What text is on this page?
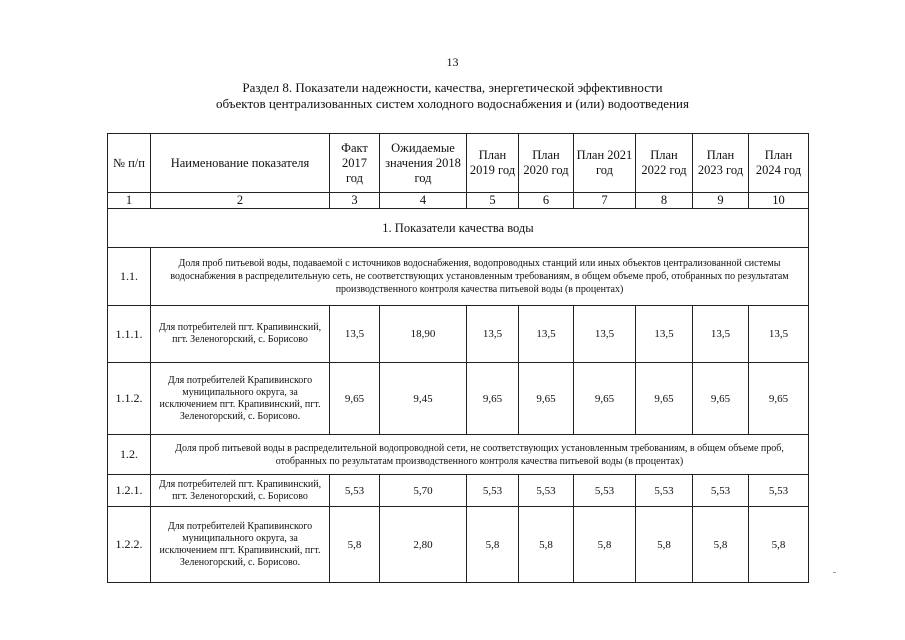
13
Раздел 8. Показатели надежности, качества, энергетической эффективности
объектов централизованных систем холодного водоснабжения и (или) водоотведения
№ п/п	Наименование показателя	Факт 2017 год	Ожидаемые значения 2018 год	План 2019 год	План 2020 год	План 2021 год	План 2022 год	План 2023 год	План 2024 год
1	2	3	4	5	6	7	8	9	10
1. Показатели качества воды									
1.1.	Доля проб питьевой воды, подаваемой с источников водоснабжения, водопроводных станций или иных объектов централизованной системы водоснабжения в распределительную сеть, не соответствующих установленным требованиям, в общем объеме проб, отобранных по результатам производственного контроля качества питьевой воды (в процентах)								
1.1.1.	Для потребителей пгт. Крапивинский, пгт. Зеленогорский, с. Борисово	13,5	18,90	13,5	13,5	13,5	13,5	13,5	13,5
1.1.2.	Для потребителей Крапивинского муниципального округа, за исключением пгт. Крапивинский, пгт. Зеленогорский, с. Борисово.	9,65	9,45	9,65	9,65	9,65	9,65	9,65	9,65
1.2.	Доля проб питьевой воды в распределительной водопроводной сети, не соответствующих установленным требованиям, в общем объеме проб, отобранных по результатам производственного контроля качества питьевой воды (в процентах)								
1.2.1.	Для потребителей пгт. Крапивинский, пгт. Зеленогорский, с. Борисово	5,53	5,70	5,53	5,53	5,53	5,53	5,53	5,53
1.2.2.	Для потребителей Крапивинского муниципального округа, за исключением пгт. Крапивинский, пгт. Зеленогорский, с. Борисово.	5,8	2,80	5,8	5,8	5,8	5,8	5,8	5,8
